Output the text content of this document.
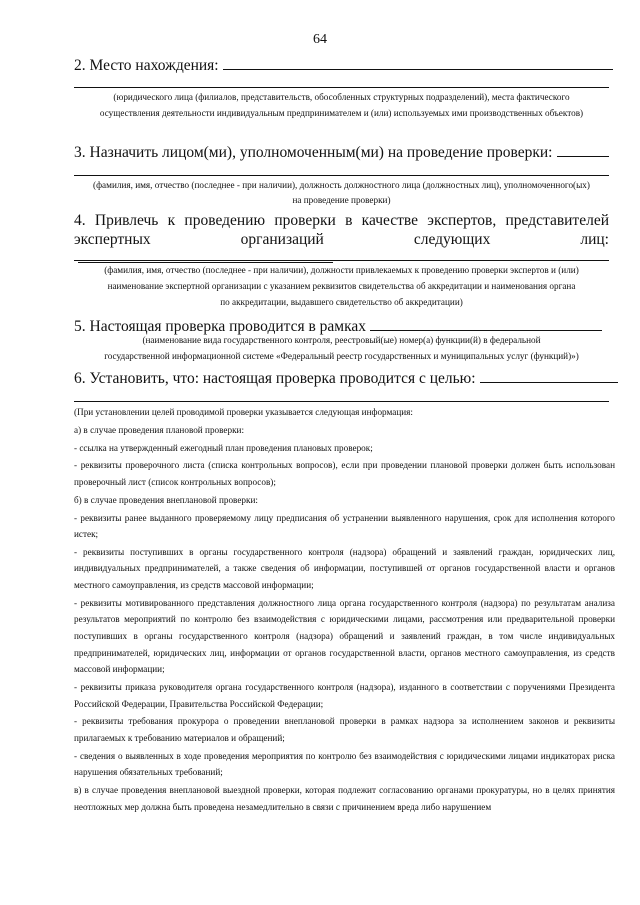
64
2. Место нахождения:
(юридического лица (филиалов, представительств, обособленных структурных подразделений), места фактического
осуществления деятельности индивидуальным предпринимателем и (или) используемых ими производственных объектов)
3. Назначить лицом(ми), уполномоченным(ми) на проведение проверки:
(фамилия, имя, отчество (последнее - при наличии), должность должностного лица (должностных лиц), уполномоченного(ых)
на проведение проверки)
4. Привлечь к проведению проверки в качестве экспертов, представителей экспертных организаций следующих лиц:
(фамилия, имя, отчество (последнее - при наличии), должности привлекаемых к проведению проверки экспертов и (или)
наименование экспертной организации с указанием реквизитов свидетельства об аккредитации и наименования органа
по аккредитации, выдавшего свидетельство об аккредитации)
5. Настоящая проверка проводится в рамках
(наименование вида государственного контроля, реестровый(ые) номер(а) функции(й) в федеральной
государственной информационной системе «Федеральный реестр государственных и муниципальных услуг (функций)»)
6. Установить, что: настоящая проверка проводится с целью:

(При установлении целей проводимой проверки указывается следующая информация:

а) в случае проведения плановой проверки:

- ссылка на утвержденный ежегодный план проведения плановых проверок;

- реквизиты проверочного листа (списка контрольных вопросов), если при проведении плановой проверки должен быть использован проверочный лист (список контрольных вопросов);

б) в случае проведения внеплановой проверки:

- реквизиты ранее выданного проверяемому лицу предписания об устранении выявленного нарушения, срок для исполнения которого истек;

- реквизиты поступивших в органы государственного контроля (надзора) обращений и заявлений граждан, юридических лиц, индивидуальных предпринимателей, а также сведения об информации, поступившей от органов государственной власти и органов местного самоуправления, из средств массовой информации;

- реквизиты мотивированного представления должностного лица органа государственного контроля (надзора) по результатам анализа результатов мероприятий по контролю без взаимодействия с юридическими лицами, рассмотрения или предварительной проверки поступивших в органы государственного контроля (надзора) обращений и заявлений граждан, в том числе индивидуальных предпринимателей, юридических лиц, информации от органов государственной власти, органов местного самоуправления, из средств массовой информации;

- реквизиты приказа руководителя органа государственного контроля (надзора), изданного в соответствии с поручениями Президента Российской Федерации, Правительства Российской Федерации;

- реквизиты требования прокурора о проведении внеплановой проверки в рамках надзора за исполнением законов и реквизиты прилагаемых к требованию материалов и обращений;

- сведения о выявленных в ходе проведения мероприятия по контролю без взаимодействия с юридическими лицами индикаторах риска нарушения обязательных требований;

в) в случае проведения внеплановой выездной проверки, которая подлежит согласованию органами прокуратуры, но в целях принятия неотложных мер должна быть проведена незамедлительно в связи с причинением вреда либо нарушением
